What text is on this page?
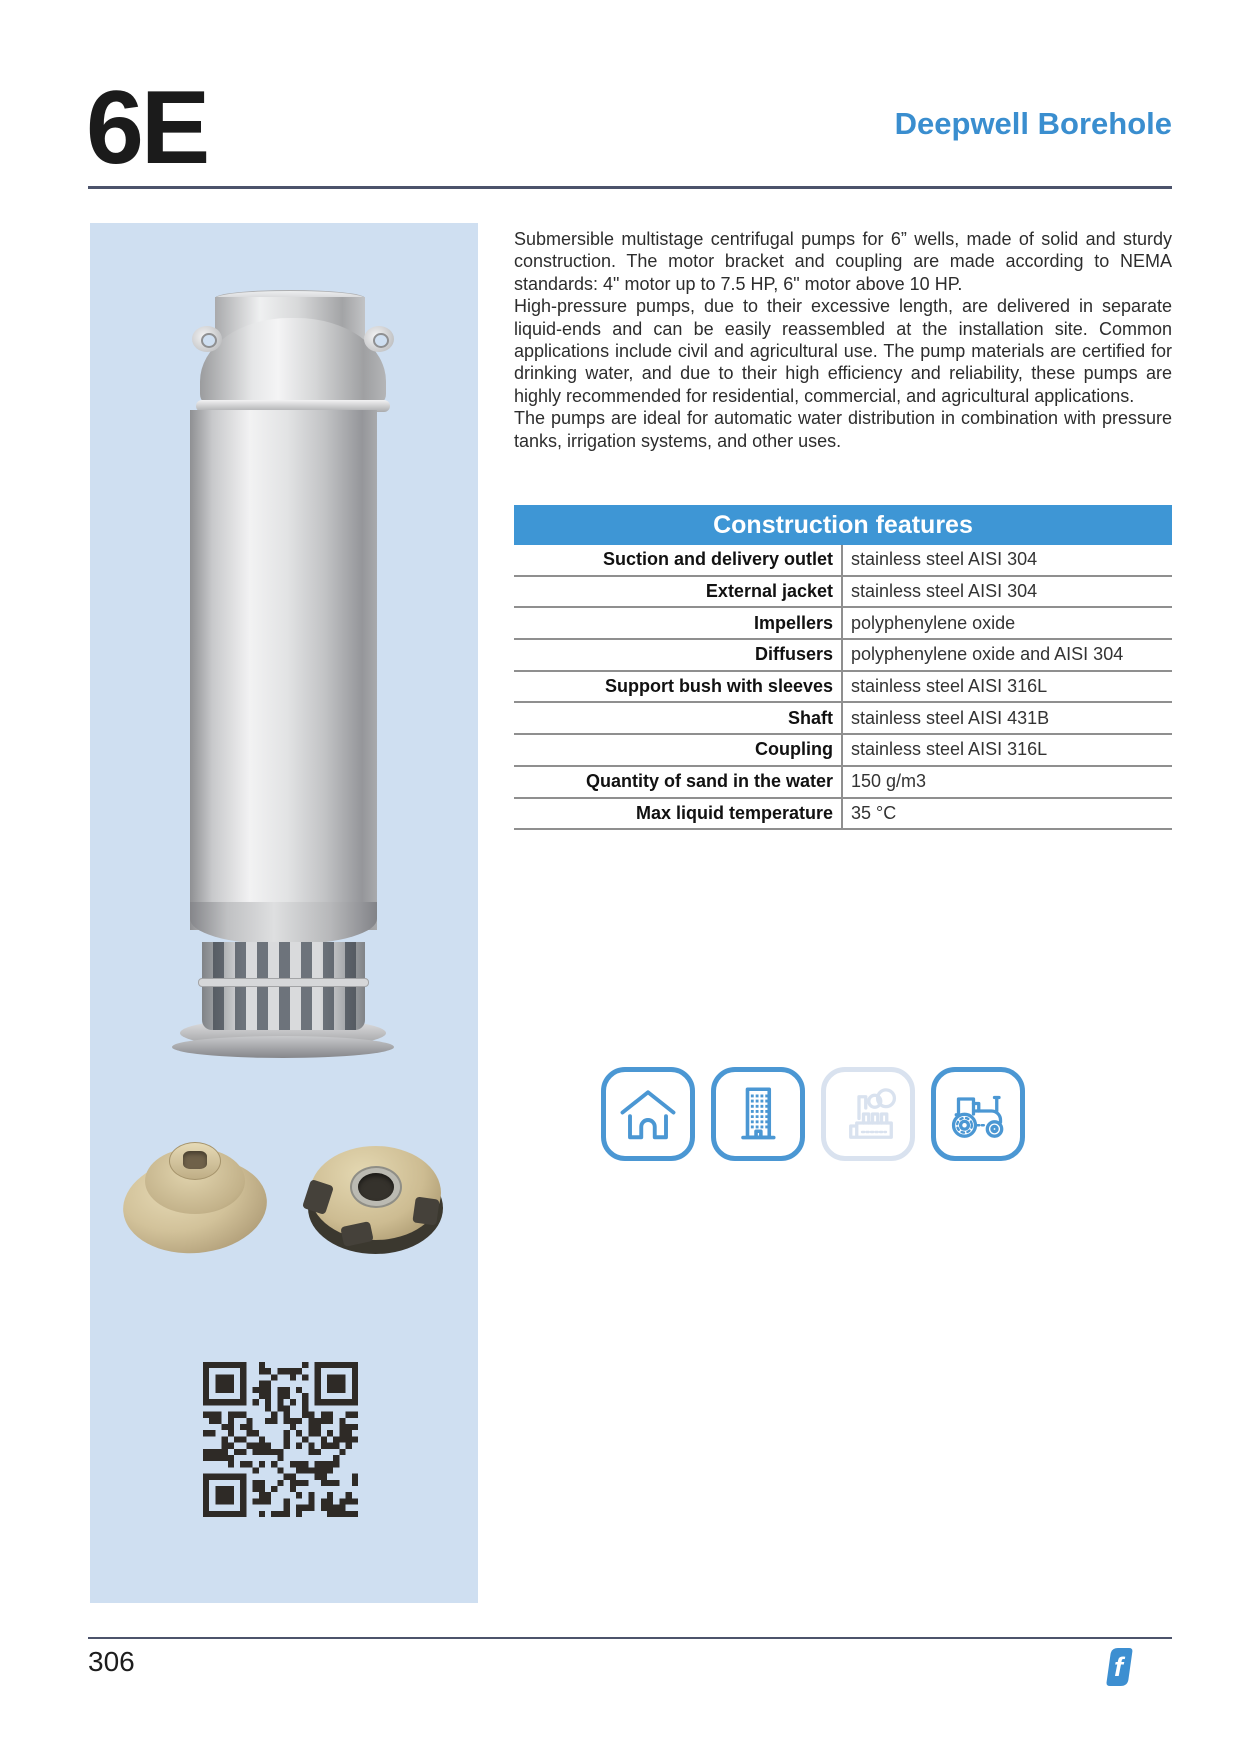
6E	Deepwell Borehole

Submersible multistage centrifugal pumps for 6” wells, made of solid and sturdy construction. The motor bracket and coupling are made according to NEMA standards: 4" motor up to 7.5 HP, 6" motor above 10 HP.

High-pressure pumps, due to their excessive length, are delivered in separate liquid-ends and can be easily reassembled at the installation site. Common applications include civil and agricultural use. The pump materials are certified for drinking water, and due to their high efficiency and reliability, these pumps are highly recommended for residential, commercial, and agricultural applications.

The pumps are ideal for automatic water distribution in combination with pressure tanks, irrigation systems, and other uses.

Construction features
Suction and delivery outlet	stainless steel AISI 304
External jacket	stainless steel AISI 304
Impellers	polyphenylene oxide
Diffusers	polyphenylene oxide and AISI 304
Support bush with sleeves	stainless steel AISI 316L
Shaft	stainless steel AISI 431B
Coupling	stainless steel AISI 316L
Quantity of sand in the water	150 g/m3
Max liquid temperature	35 °C
306	f
